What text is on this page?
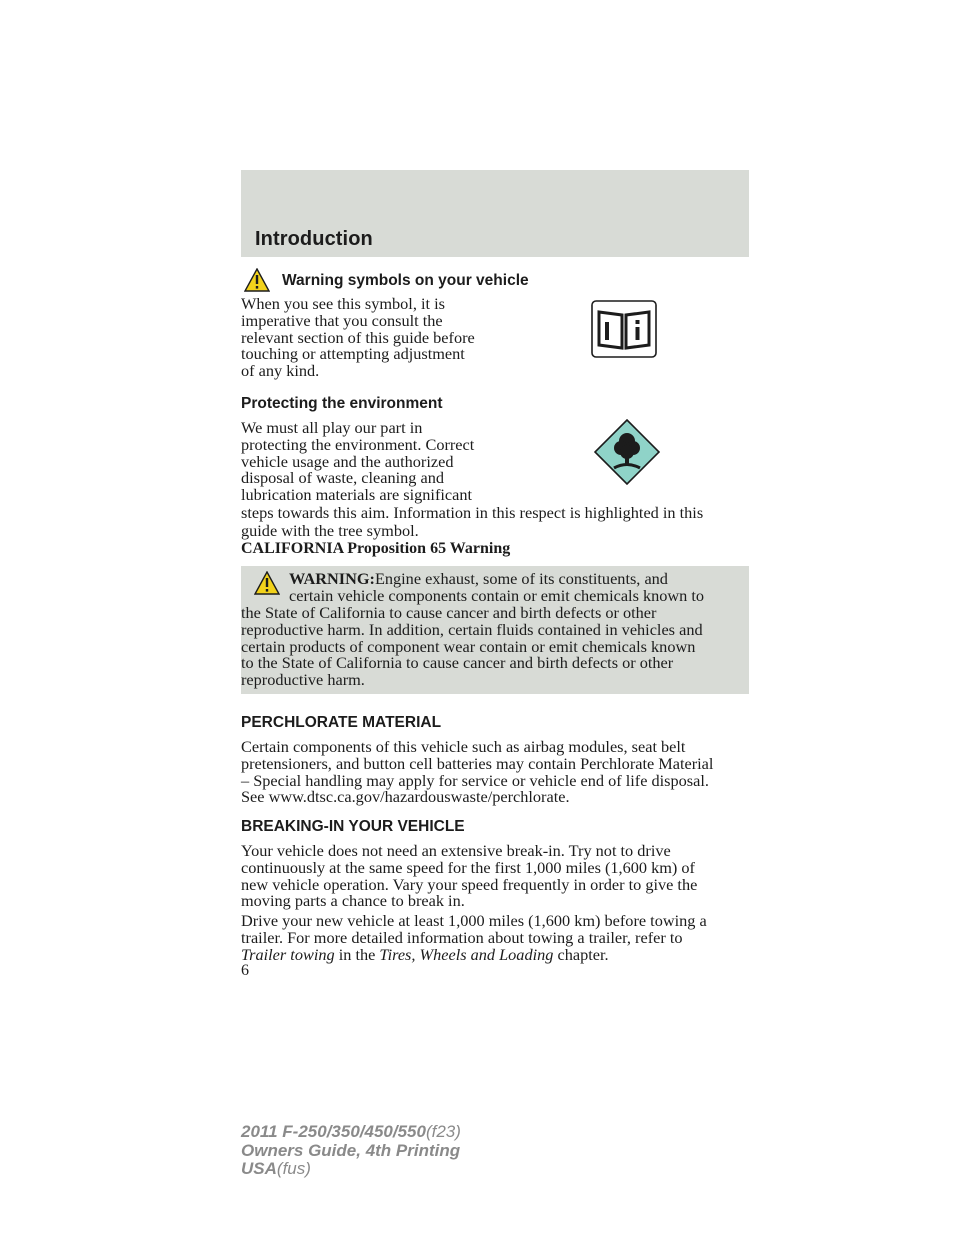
Introduction
Warning symbols on your vehicle
When you see this symbol, it is
imperative that you consult the
relevant section of this guide before
touching or attempting adjustment
of any kind.
Protecting the environment
We must all play our part in
protecting the environment. Correct
vehicle usage and the authorized
disposal of waste, cleaning and
lubrication materials are significant
steps towards this aim. Information in this respect is highlighted in this
guide with the tree symbol.
CALIFORNIA Proposition 65 Warning
WARNING:Engine exhaust, some of its constituents, and
certain vehicle components contain or emit chemicals known to
the State of California to cause cancer and birth defects or other
reproductive harm. In addition, certain fluids contained in vehicles and
certain products of component wear contain or emit chemicals known
to the State of California to cause cancer and birth defects or other
reproductive harm.
PERCHLORATE MATERIAL
Certain components of this vehicle such as airbag modules, seat belt
pretensioners, and button cell batteries may contain Perchlorate Material
– Special handling may apply for service or vehicle end of life disposal.
See www.dtsc.ca.gov/hazardouswaste/perchlorate.
BREAKING-IN YOUR VEHICLE
Your vehicle does not need an extensive break-in. Try not to drive
continuously at the same speed for the first 1,000 miles (1,600 km) of
new vehicle operation. Vary your speed frequently in order to give the
moving parts a chance to break in.
Drive your new vehicle at least 1,000 miles (1,600 km) before towing a
trailer. For more detailed information about towing a trailer, refer to
Trailer towing in the Tires, Wheels and Loading chapter.
6
2011 F-250/350/450/550(f23)
Owners Guide, 4th Printing
USA(fus)
